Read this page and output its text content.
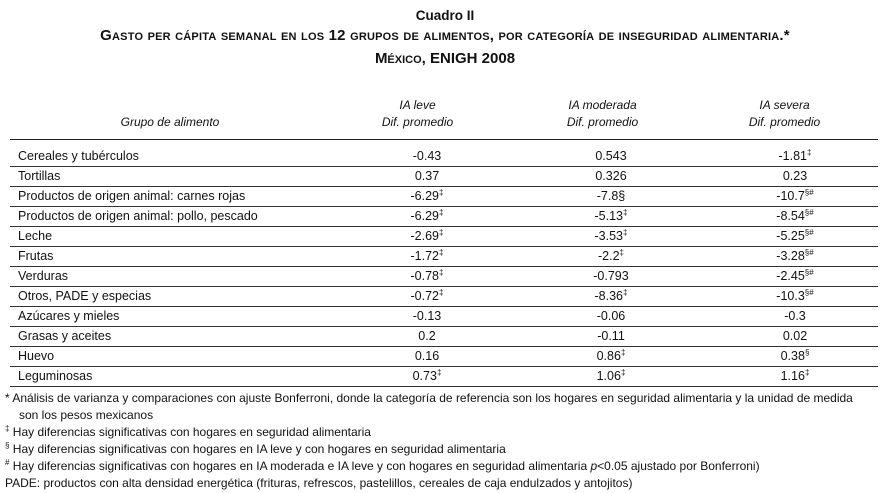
Cuadro II
Gasto per cápita semanal en los 12 grupos de alimentos, por categoría de inseguridad alimentaria.*
México, ENIGH 2008
Grupo de alimento
IA leve
Dif. promedio
IA moderada
Dif. promedio
IA severa
Dif. promedio
Cereales y tubérculos	-0.43	0.543	-1.81‡
Tortillas	0.37	0.326	0.23
Productos de origen animal: carnes rojas	-6.29‡	-7.8§	-10.7§#
Productos de origen animal: pollo, pescado	-6.29‡	-5.13‡	-8.54§#
Leche	-2.69‡	-3.53‡	-5.25§#
Frutas	-1.72‡	-2.2‡	-3.28§#
Verduras	-0.78‡	-0.793	-2.45§#
Otros, PADE y especias	-0.72‡	-8.36‡	-10.3§#
Azúcares y mieles	-0.13	-0.06	-0.3
Grasas y aceites	0.2	-0.11	0.02
Huevo	0.16	0.86‡	0.38§
Leguminosas	0.73‡	1.06‡	1.16‡

* Análisis de varianza y comparaciones con ajuste Bonferroni, donde la categoría de referencia son los hogares en seguridad alimentaria y la unidad de medida

son los pesos mexicanos

‡ Hay diferencias significativas con hogares en seguridad alimentaria

§ Hay diferencias significativas con hogares en IA leve y con hogares en seguridad alimentaria

# Hay diferencias significativas con hogares en IA moderada e IA leve y con hogares en seguridad alimentaria p<0.05 ajustado por Bonferroni)

PADE: productos con alta densidad energética (frituras, refrescos, pastelillos, cereales de caja endulzados y antojitos)
